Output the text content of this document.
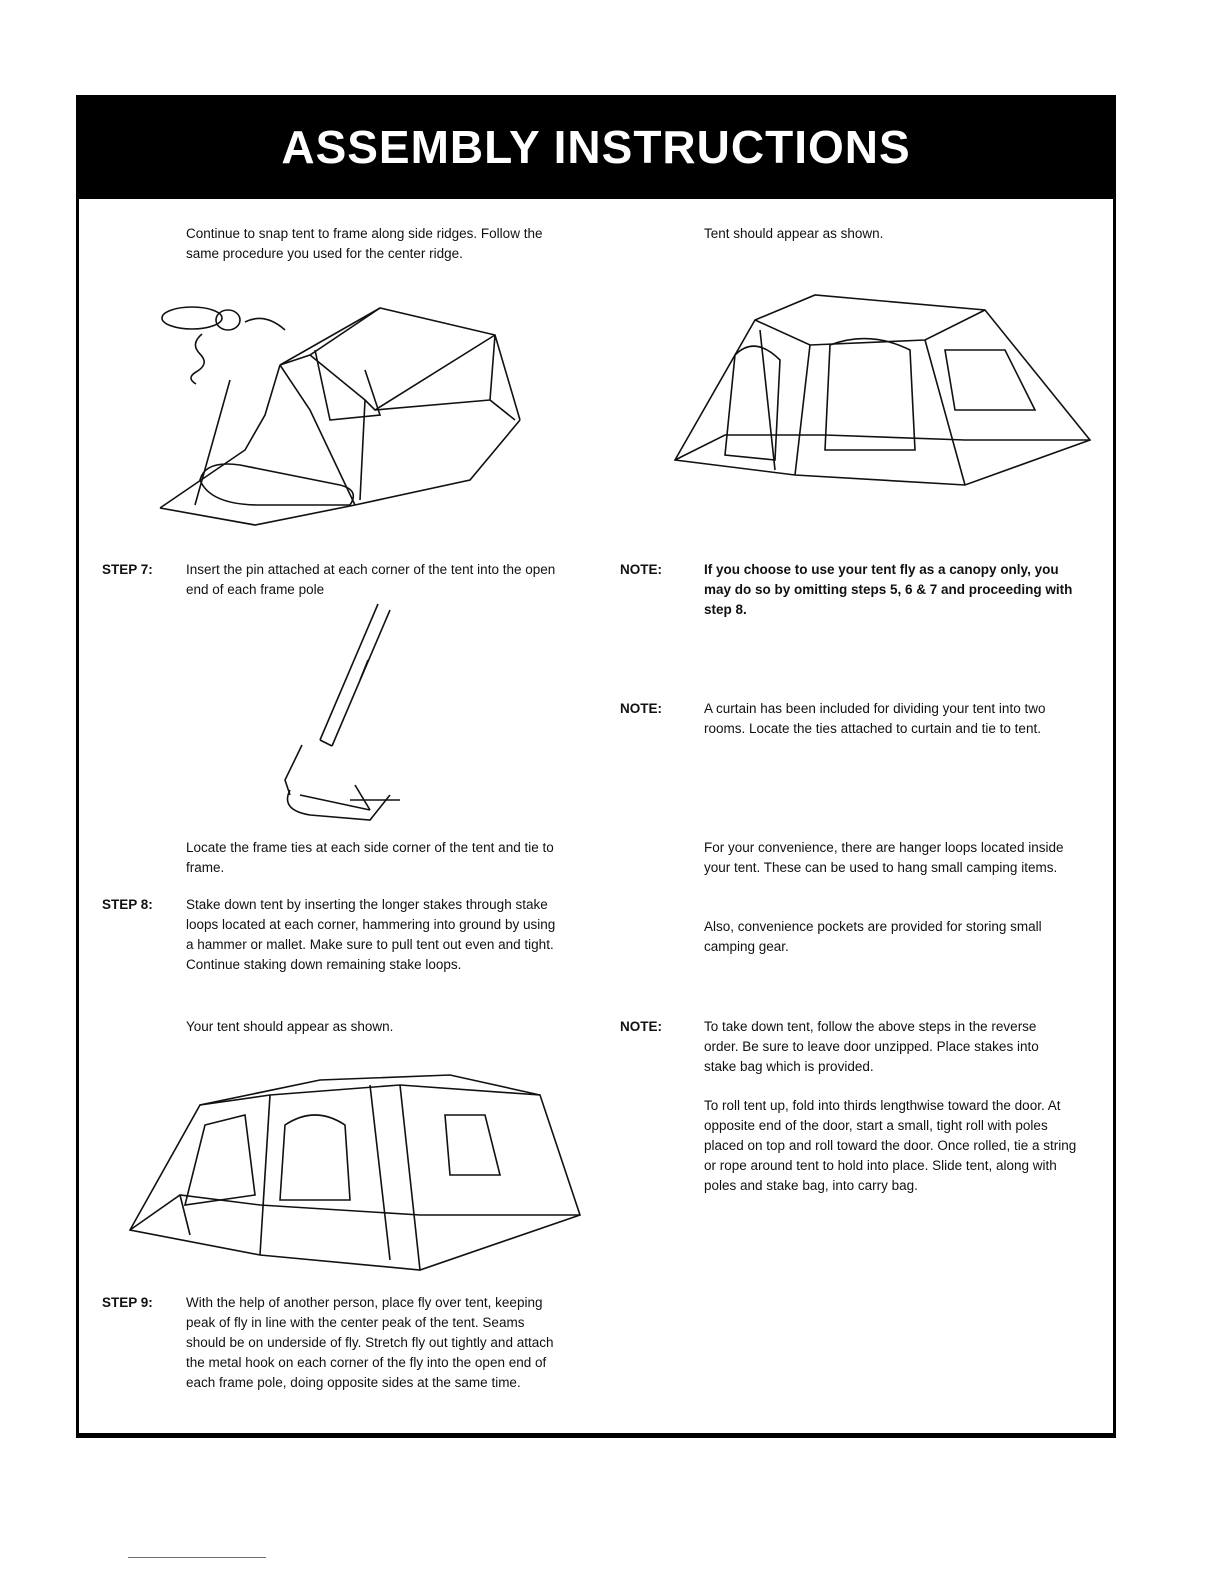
ASSEMBLY INSTRUCTIONS
Continue to snap tent to frame along side ridges. Follow the same procedure you used for the center ridge.
STEP 7: Insert the pin attached at each corner of the tent into the open end of each frame pole
Locate the frame ties at each side corner of the tent and tie to frame.
STEP 8: Stake down tent by inserting the longer stakes through stake loops located at each corner, hammering into ground by using a hammer or mallet. Make sure to pull tent out even and tight. Continue staking down remaining stake loops.
Your tent should appear as shown.
STEP 9: With the help of another person, place fly over tent, keeping peak of fly in line with the center peak of the tent. Seams should be on underside of fly. Stretch fly out tightly and attach the metal hook on each corner of the fly into the open end of each frame pole, doing opposite sides at the same time.
Tent should appear as shown.
NOTE:	If you choose to use your tent fly as a canopy only, you may do so by omitting steps 5, 6 & 7 and proceeding with step 8.
NOTE:	A curtain has been included for dividing your tent into two rooms. Locate the ties attached to curtain and tie to tent.
For your convenience, there are hanger loops located inside your tent. These can be used to hang small camping items.
Also, convenience pockets are provided for storing small camping gear.
NOTE:	To take down tent, follow the above steps in the reverse order. Be sure to leave door unzipped. Place stakes into stake bag which is provided.
To roll tent up, fold into thirds lengthwise toward the door. At opposite end of the door, start a small, tight roll with poles placed on top and roll toward the door. Once rolled, tie a string or rope around tent to hold into place. Slide tent, along with poles and stake bag, into carry bag.
